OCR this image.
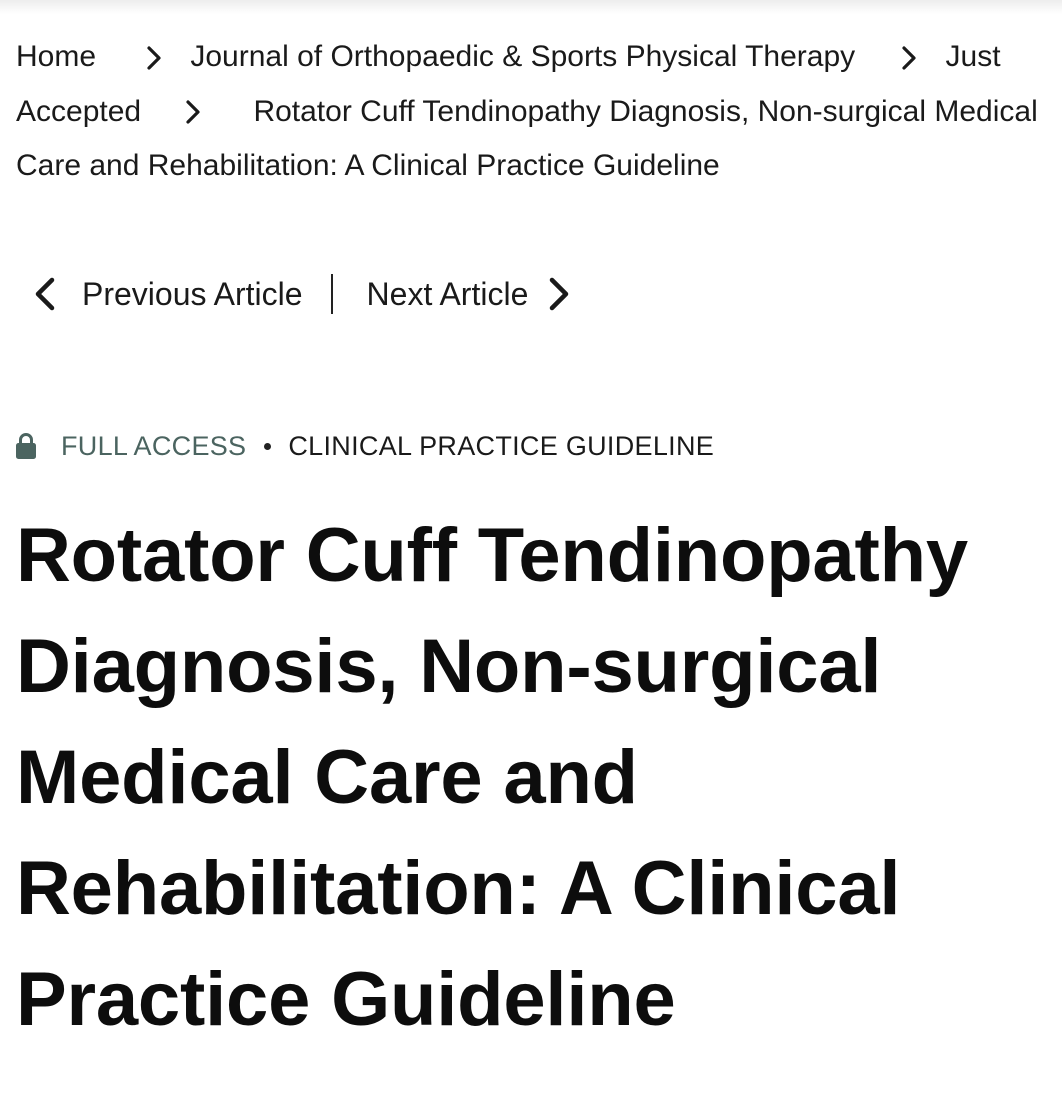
Home	Journal of Orthopaedic & Sports Physical Therapy	Just Accepted	Rotator Cuff Tendinopathy Diagnosis, Non-surgical Medical Care and Rehabilitation: A Clinical Practice Guideline
Previous Article Next Article
FULL ACCESS CLINICAL PRACTICE GUIDELINE
Rotator Cuff Tendinopathy Diagnosis, Non-surgical Medical Care and Rehabilitation: A Clinical Practice Guideline
